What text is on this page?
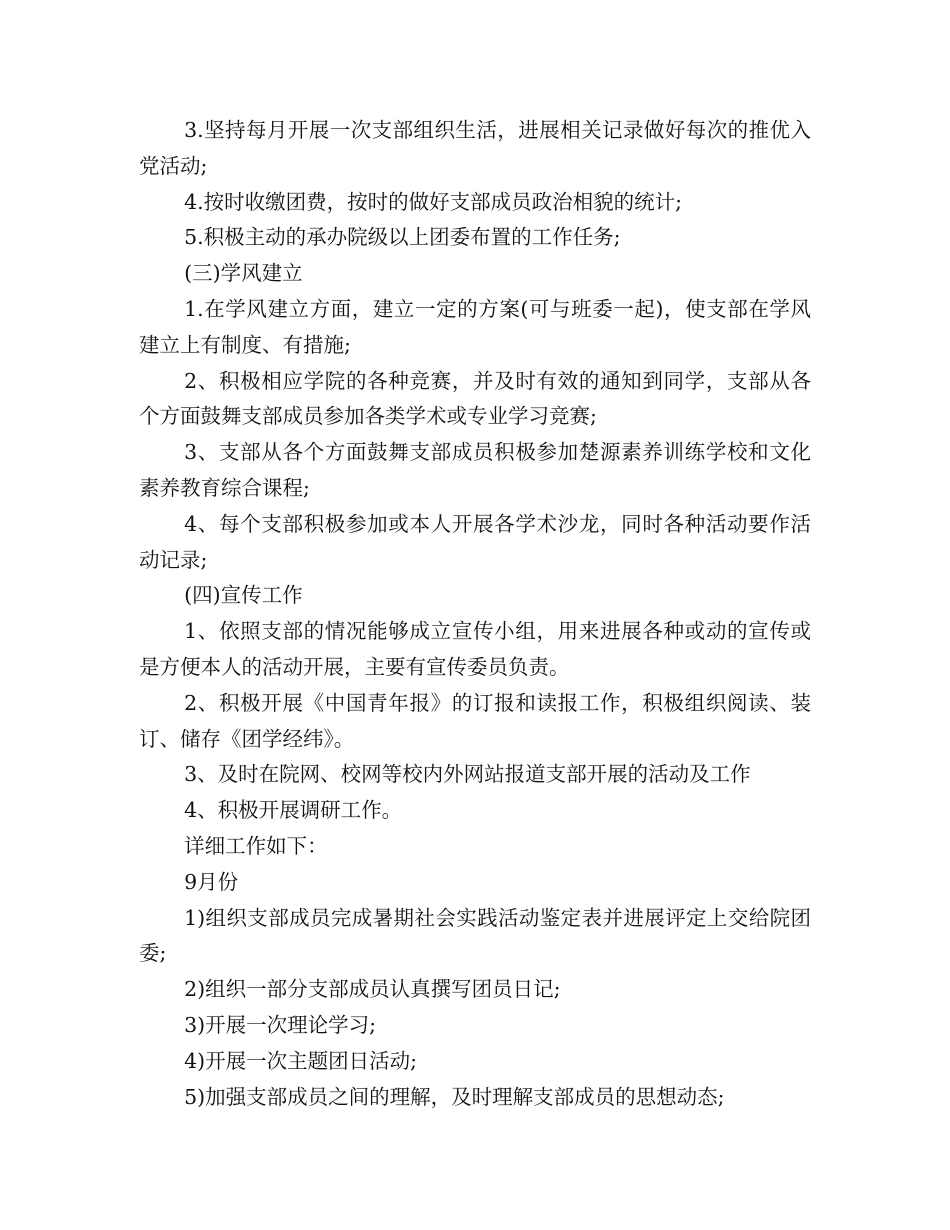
3.坚持每月开展一次支部组织生活，进展相关记录做好每次的推优入党活动;

4.按时收缴团费，按时的做好支部成员政治相貌的统计;

5.积极主动的承办院级以上团委布置的工作任务;

(三)学风建立

1.在学风建立方面，建立一定的方案(可与班委一起)，使支部在学风建立上有制度、有措施;

2、积极相应学院的各种竞赛，并及时有效的通知到同学，支部从各个方面鼓舞支部成员参加各类学术或专业学习竞赛;

3、支部从各个方面鼓舞支部成员积极参加楚源素养训练学校和文化素养教育综合课程;

4、每个支部积极参加或本人开展各学术沙龙，同时各种活动要作活动记录;

(四)宣传工作

1、依照支部的情况能够成立宣传小组，用来进展各种或动的宣传或是方便本人的活动开展，主要有宣传委员负责。

2、积极开展《中国青年报》的订报和读报工作，积极组织阅读、装订、储存《团学经纬》。

3、及时在院网、校网等校内外网站报道支部开展的活动及工作

4、积极开展调研工作。

详细工作如下：

9月份

1)组织支部成员完成暑期社会实践活动鉴定表并进展评定上交给院团委;

2)组织一部分支部成员认真撰写团员日记;

3)开展一次理论学习;

4)开展一次主题团日活动;

5)加强支部成员之间的理解，及时理解支部成员的思想动态;
